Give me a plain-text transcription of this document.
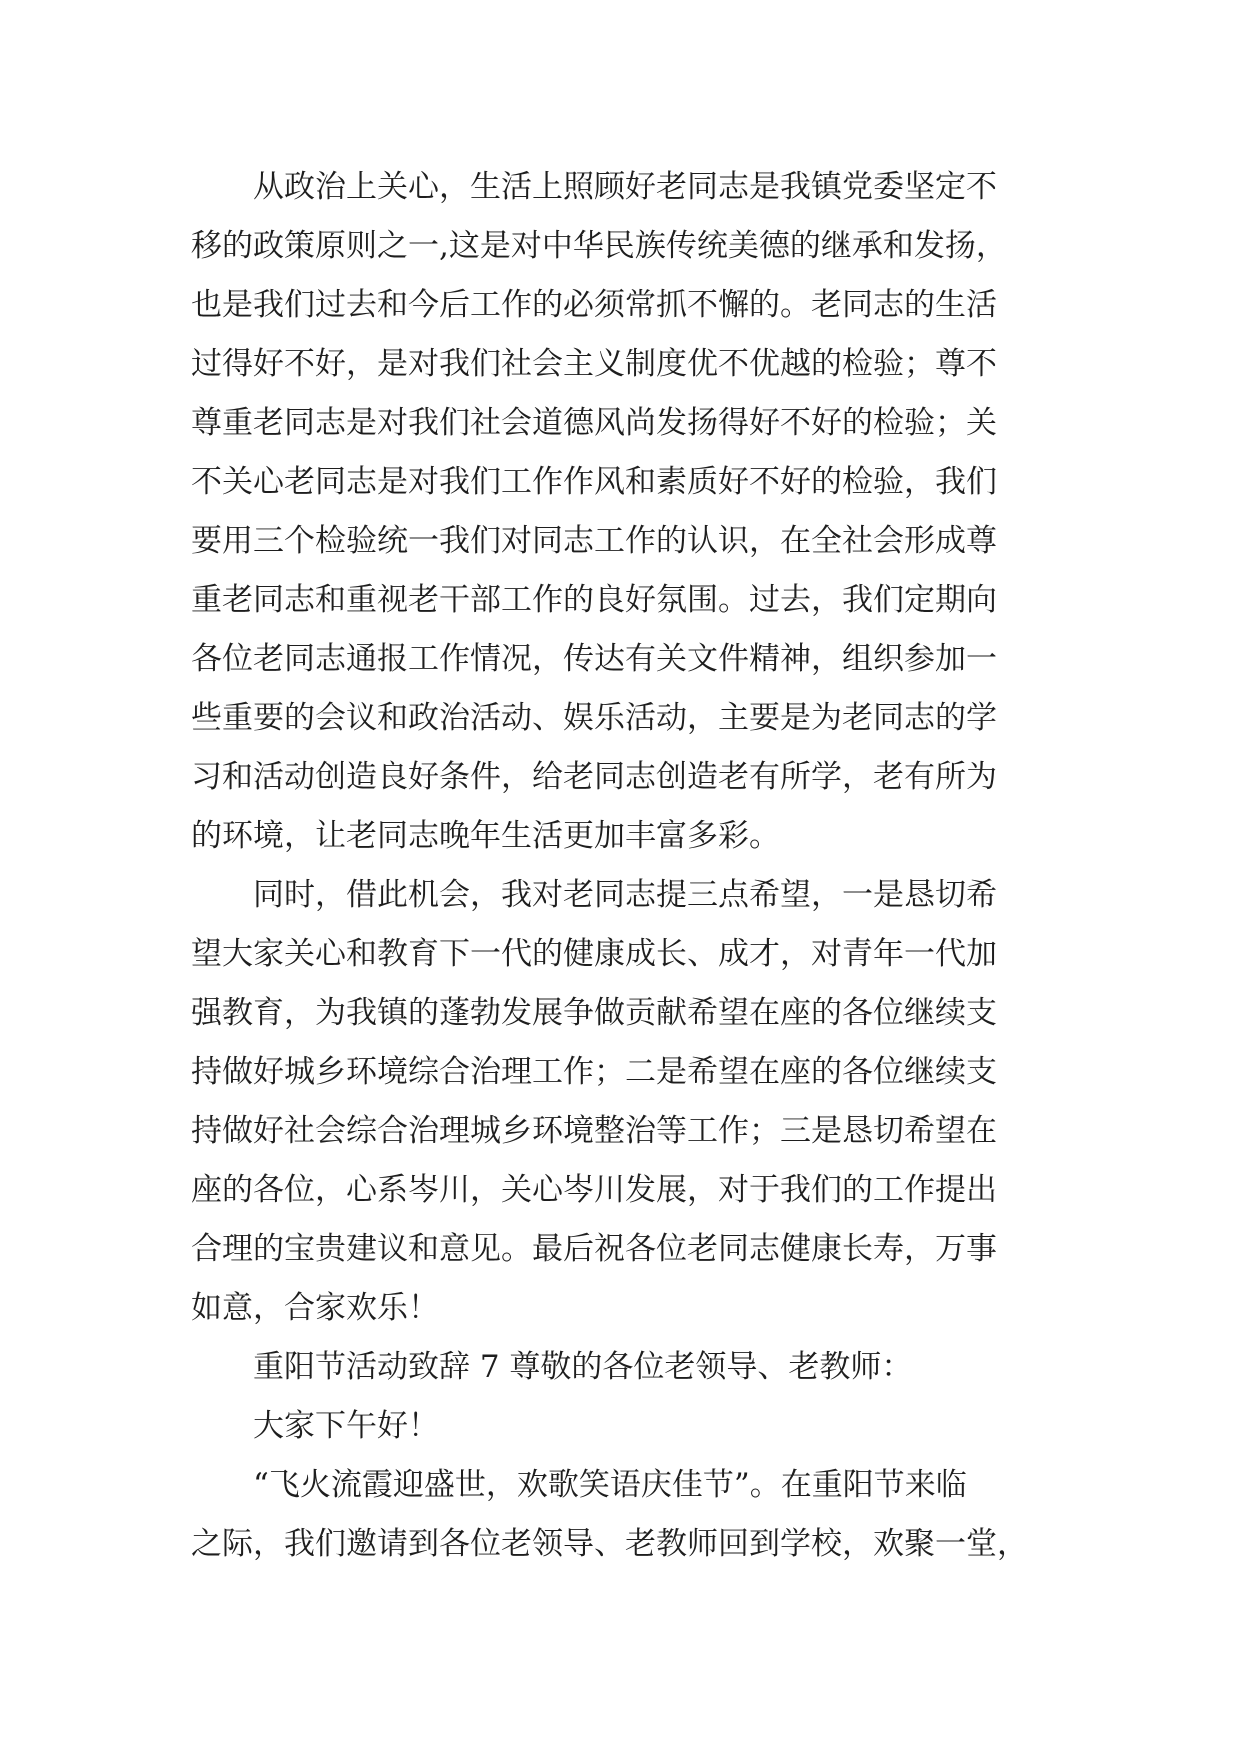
从政治上关心，生活上照顾好老同志是我镇党委坚定不

移的政策原则之一,这是对中华民族传统美德的继承和发扬，

也是我们过去和今后工作的必须常抓不懈的。老同志的生活

过得好不好，是对我们社会主义制度优不优越的检验；尊不

尊重老同志是对我们社会道德风尚发扬得好不好的检验；关

不关心老同志是对我们工作作风和素质好不好的检验，我们

要用三个检验统一我们对同志工作的认识，在全社会形成尊

重老同志和重视老干部工作的良好氛围。过去，我们定期向

各位老同志通报工作情况，传达有关文件精神，组织参加一

些重要的会议和政治活动、娱乐活动，主要是为老同志的学

习和活动创造良好条件，给老同志创造老有所学，老有所为

的环境，让老同志晚年生活更加丰富多彩。

同时，借此机会，我对老同志提三点希望，一是恳切希

望大家关心和教育下一代的健康成长、成才，对青年一代加

强教育，为我镇的蓬勃发展争做贡献希望在座的各位继续支

持做好城乡环境综合治理工作；二是希望在座的各位继续支

持做好社会综合治理城乡环境整治等工作；三是恳切希望在

座的各位，心系岑川，关心岑川发展，对于我们的工作提出

合理的宝贵建议和意见。最后祝各位老同志健康长寿，万事

如意，合家欢乐！

重阳节活动致辞 7 尊敬的各位老领导、老教师：

大家下午好！

“飞火流霞迎盛世，欢歌笑语庆佳节”。在重阳节来临

之际，我们邀请到各位老领导、老教师回到学校，欢聚一堂，
